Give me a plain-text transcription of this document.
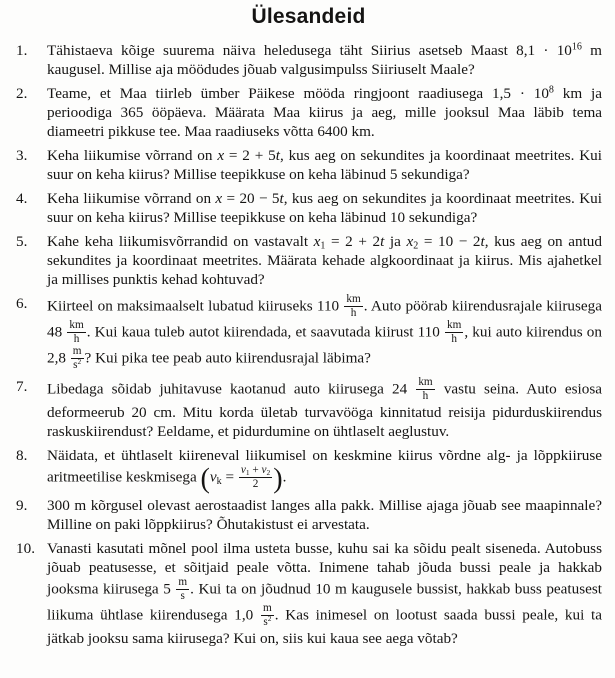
Ülesandeid
1.	Tähistaeva kõige suurema näiva heledusega täht Siirius asetseb Maast $8,1 \cdot 10^{16}$ m kaugusel. Millise aja möödudes jõuab valgusimpulss Siiriuselt Maale?
2.	Teame, et Maa tiirleb ümber Päikese mööda ringjoont raadiusega $1,5 \cdot 10^8$ km ja perioodiga 365 ööpäeva. Määrata Maa kiirus ja aeg, mille jooksul Maa läbib tema diameetri pikkuse tee. Maa raadiuseks võtta 6400 km.
3.	Keha liikumise võrrand on x = 2 + 5t, kus aeg on sekundites ja koordinaat meetrites. Kui suur on keha kiirus? Millise teepikkuse on keha läbinud 5 sekundiga?
4.	Keha liikumise võrrand on x = 20 − 5t, kus aeg on sekundites ja koordinaat meetrites. Kui suur on keha kiirus? Millise teepikkuse on keha läbinud 10 sekundiga?
5.	Kahe keha liikumisvõrrandid on vastavalt $x_1 = 2 + 2t$ ja $x_2 = 10 - 2t$, kus aeg on antud sekundites ja koordinaat meetrites. Määrata kehade algkoordinaat ja kiirus. Mis ajahetkel ja millises punktis kehad kohtuvad?
6.	Kiirteel on maksimaalselt lubatud kiiruseks $110 \frac{km}{h}$ . Auto pöörab kiirendusrajale kiirusega $48 \frac{km}{h}$ . Kui kaua tuleb autot kiirendada, et saavutada kiirust $110 \frac{km}{h}$ , kui auto kiirendus on $2,8 \frac{m}{s^2}$ ? Kui pika tee peab auto kiirendusrajal läbima?
7.	Libedaga sõidab juhitavuse kaotanud auto kiirusega $24 \frac{km}{h}$ vastu seina. Auto esiosa deformeerub 20 cm. Mitu korda ületab turvavööga kinnitatud reisija pidurduskiirendus raskuskiirendust? Eeldame, et pidurdumine on ühtlaselt aeglustuv.
8.	Näidata, et ühtlaselt kiireneval liikumisel on keskmine kiirus võrdne alg- ja lõppkiiruse aritmeetilise keskmisega ($v_k = \frac{v_1 + v_2}{2}$ ).
9.	300 m kõrgusel olevast aerostaadist langes alla pakk. Millise ajaga jõuab see maapinnale? Milline on paki lõppkiirus? Õhutakistust ei arvestata.
10. Vanasti kasutati mõnel pool ilma usteta busse, kuhu sai ka sõidu pealt siseneda. Autobuss jõuab peatusesse, et sõitjaid peale võtta. Inimene tahab jõuda bussi peale ja hakkab jooksma kiirusega $5 \frac{m}{s}$ . Kui ta on jõudnud 10 m kaugusele bussist, hakkab buss peatusest liikuma ühtlase kiirendusega $1,0 \frac{m}{s^2}$ . Kas inimesel on lootust saada bussi peale, kui ta jätkab jooksu sama kiirusega? Kui on, siis kui kaua see aega võtab?
